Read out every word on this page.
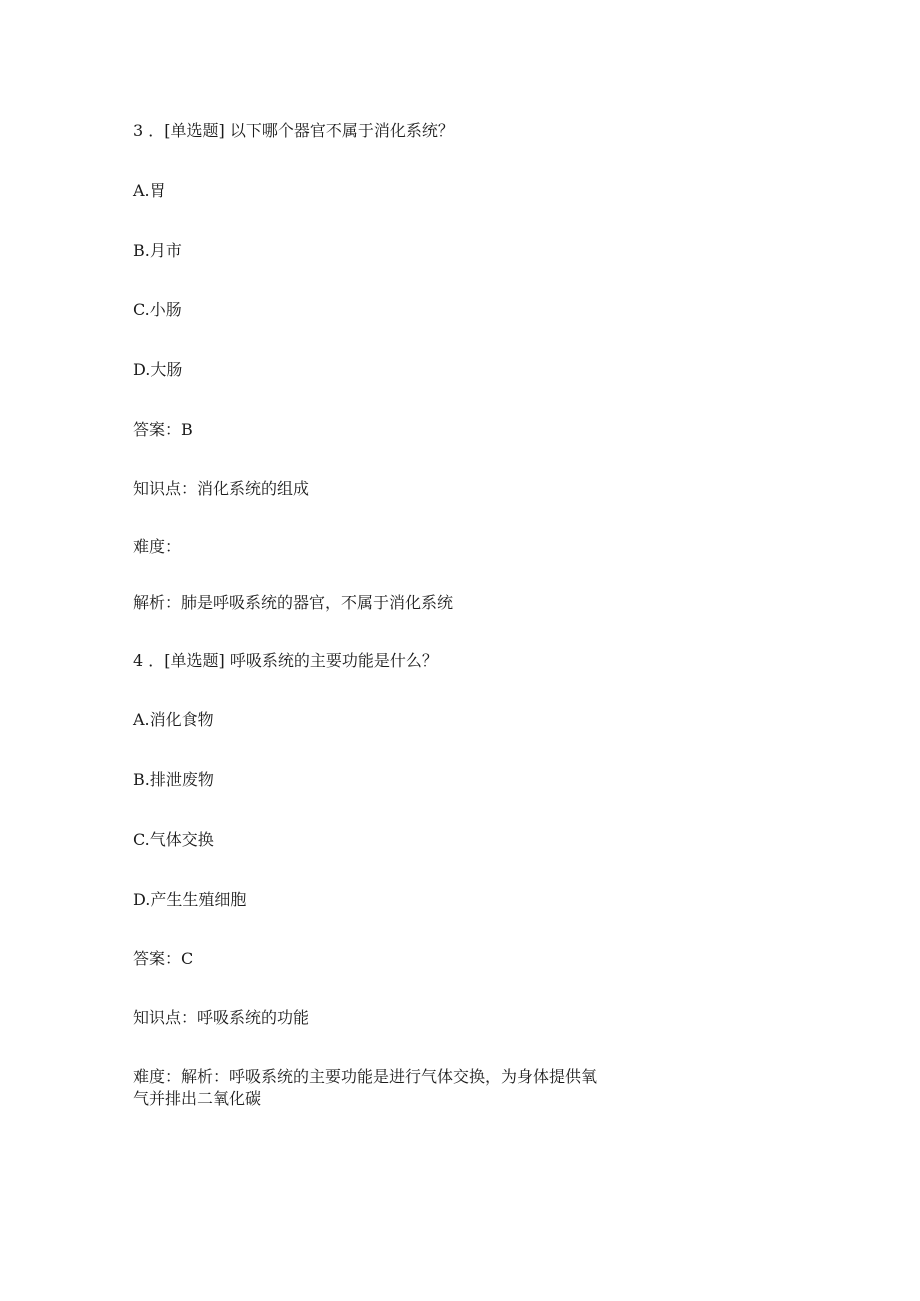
3 ．[单选题] 以下哪个器官不属于消化系统？
A.胃
B.月市
C.小肠
D.大肠
答案：B
知识点：消化系统的组成
难度：
解析：肺是呼吸系统的器官，不属于消化系统
4 ．[单选题] 呼吸系统的主要功能是什么？
A.消化食物
B.排泄废物
C.气体交换
D.产生生殖细胞
答案：C
知识点：呼吸系统的功能
难度：解析：呼吸系统的主要功能是进行气体交换，为身体提供氧
气并排出二氧化碳
